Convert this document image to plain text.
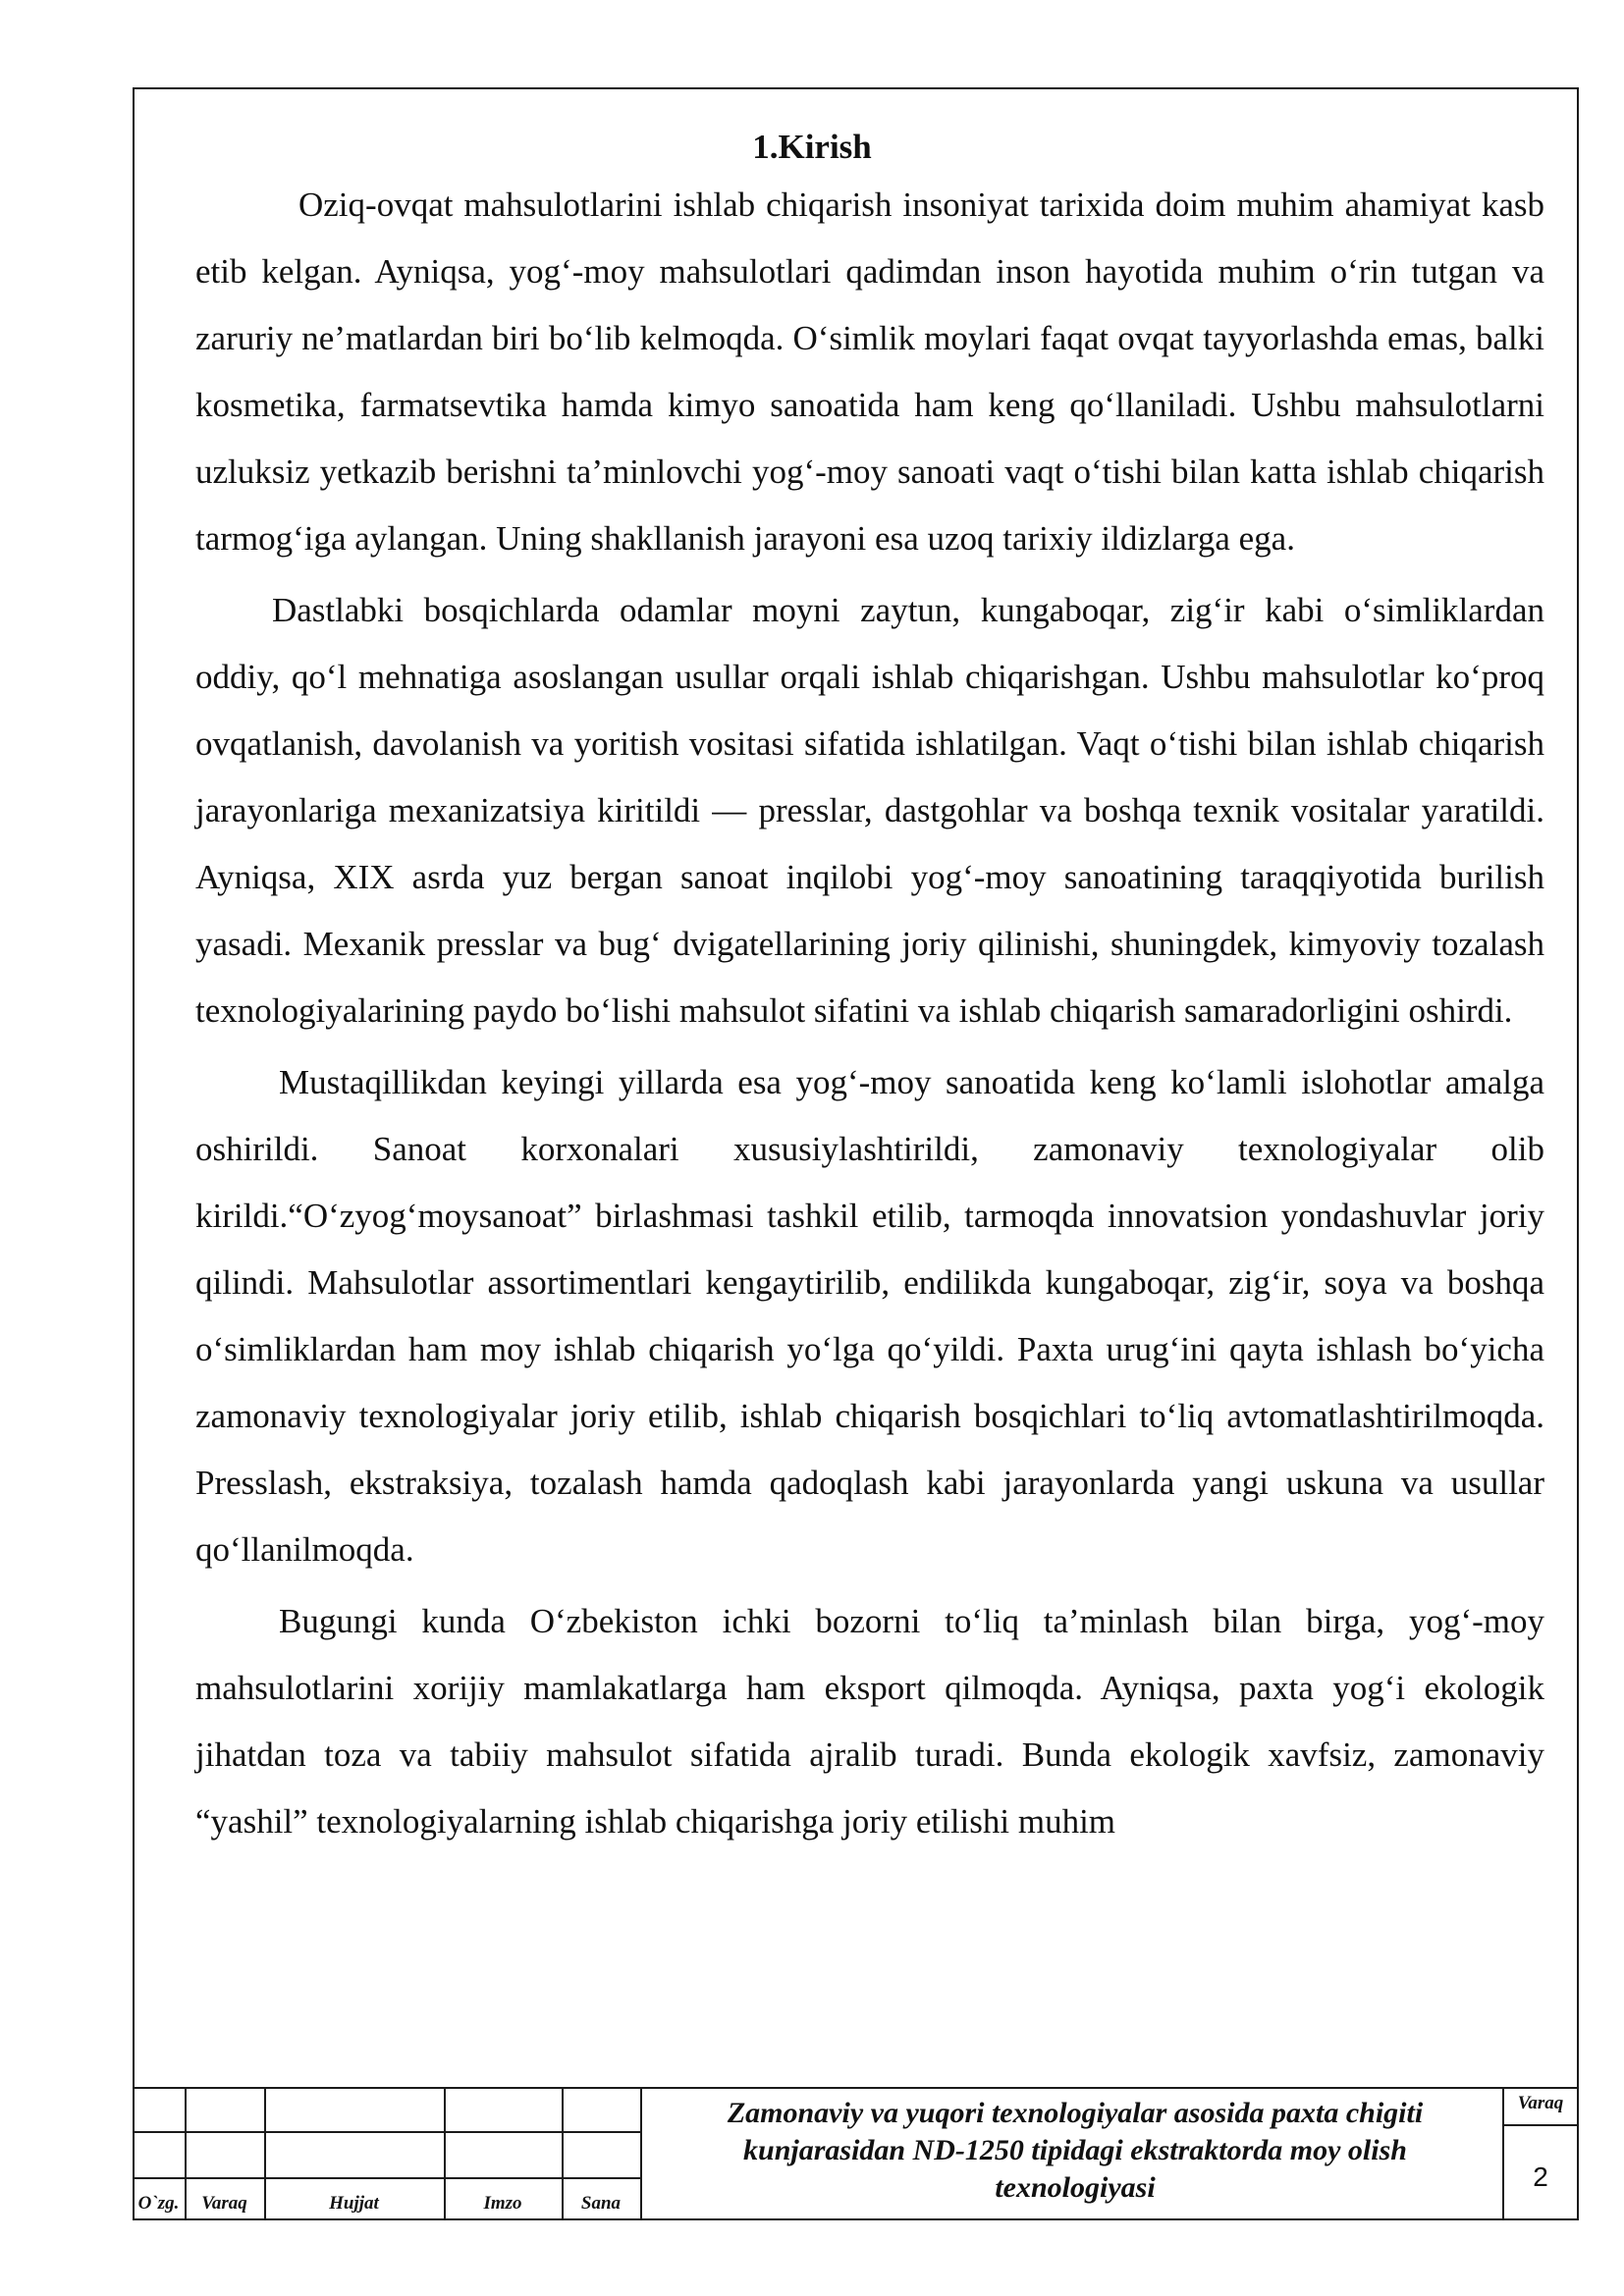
1.Kirish

Oziq-ovqat mahsulotlarini ishlab chiqarish insoniyat tarixida doim muhim ahamiyat kasb etib kelgan. Ayniqsa, yog‘-moy mahsulotlari qadimdan inson hayotida muhim o‘rin tutgan va zaruriy ne’matlardan biri bo‘lib kelmoqda. O‘simlik moylari faqat ovqat tayyorlashda emas, balki kosmetika, farmatsevtika hamda kimyo sanoatida ham keng qo‘llaniladi. Ushbu mahsulotlarni uzluksiz yetkazib berishni ta’minlovchi yog‘-moy sanoati vaqt o‘tishi bilan katta ishlab chiqarish tarmog‘iga aylangan. Uning shakllanish jarayoni esa uzoq tarixiy ildizlarga ega.

Dastlabki bosqichlarda odamlar moyni zaytun, kungaboqar, zig‘ir kabi o‘simliklardan oddiy, qo‘l mehnatiga asoslangan usullar orqali ishlab chiqarishgan. Ushbu mahsulotlar ko‘proq ovqatlanish, davolanish va yoritish vositasi sifatida ishlatilgan. Vaqt o‘tishi bilan ishlab chiqarish jarayonlariga mexanizatsiya kiritildi — presslar, dastgohlar va boshqa texnik vositalar yaratildi. Ayniqsa, XIX asrda yuz bergan sanoat inqilobi yog‘-moy sanoatining taraqqiyotida burilish yasadi. Mexanik presslar va bug‘ dvigatellarining joriy qilinishi, shuningdek, kimyoviy tozalash texnologiyalarining paydo bo‘lishi mahsulot sifatini va ishlab chiqarish samaradorligini oshirdi.

Mustaqillikdan keyingi yillarda esa yog‘-moy sanoatida keng ko‘lamli islohotlar amalga oshirildi. Sanoat korxonalari xususiylashtirildi, zamonaviy texnologiyalar olib kirildi.“O‘zyog‘moysanoat” birlashmasi tashkil etilib, tarmoqda innovatsion yondashuvlar joriy qilindi. Mahsulotlar assortimentlari kengaytirilib, endilikda kungaboqar, zig‘ir, soya va boshqa o‘simliklardan ham moy ishlab chiqarish yo‘lga qo‘yildi. Paxta urug‘ini qayta ishlash bo‘yicha zamonaviy texnologiyalar joriy etilib, ishlab chiqarish bosqichlari to‘liq avtomatlashtirilmoqda. Presslash, ekstraksiya, tozalash hamda qadoqlash kabi jarayonlarda yangi uskuna va usullar qo‘llanilmoqda.

Bugungi kunda O‘zbekiston ichki bozorni to‘liq ta’minlash bilan birga, yog‘-moy mahsulotlarini xorijiy mamlakatlarga ham eksport qilmoqda. Ayniqsa, paxta yog‘i ekologik jihatdan toza va tabiiy mahsulot sifatida ajralib turadi. Bunda ekologik xavfsiz, zamonaviy “yashil” texnologiyalarning ishlab chiqarishga joriy etilishi muhim

O`zg.	Varaq	Hujjat	Imzo	Sana
Zamonaviy va yuqori texnologiyalar asosida paxta chigiti
kunjarasidan ND-1250 tipidagi ekstraktorda moy olish
texnologiyasi
Varaq
2
